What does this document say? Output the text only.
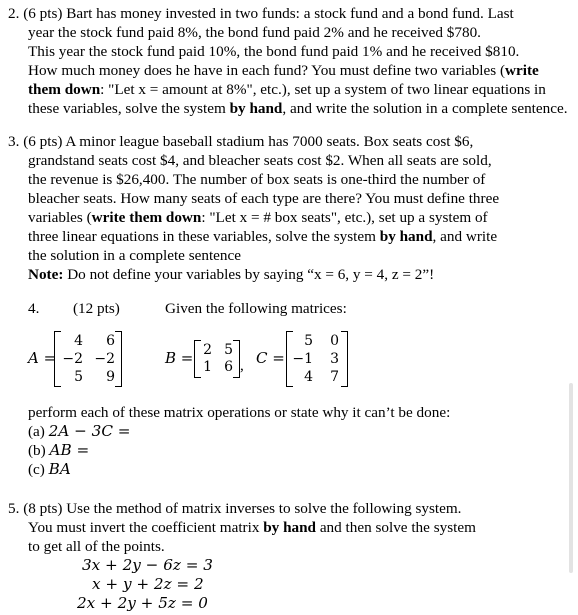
2. (6 pts) Bart has money invested in two funds: a stock fund and a bond fund. Last
year the stock fund paid 8%, the bond fund paid 2% and he received $780.
This year the stock fund paid 10%, the bond fund paid 1% and he received $810.
How much money does he have in each fund? You must define two variables (write
them down: "Let x = amount at 8%", etc.), set up a system of two linear equations in
these variables, solve the system by hand, and write the solution in a complete sentence.
3. (6 pts) A minor league baseball stadium has 7000 seats. Box seats cost $6,
grandstand seats cost $4, and bleacher seats cost $2. When all seats are sold,
the revenue is $26,400. The number of box seats is one-third the number of
bleacher seats. How many seats of each type are there? You must define three
variables (write them down: "Let x = # box seats", etc.), set up a system of
three linear equations in these variables, solve the system by hand, and write
the solution in a complete sentence
Note: Do not define your variables by saying “x = 6, y = 4, z = 2”!
4. (12 pts)	Given the following matrices:
A =
4	6
−2 −2
5	9
B = 2 5
1 6 , C =
5	0
−1	3
4	7
perform each of these matrix operations or state why it can’t be done:
(a) 2A − 3C =
(b) AB =
(c) BA
5. (8 pts) Use the method of matrix inverses to solve the following system.
You must invert the coefficient matrix by hand and then solve the system
to get all of the points.
3x + 2y − 6z = 3
x + y + 2z = 2
2x + 2y + 5z = 0
